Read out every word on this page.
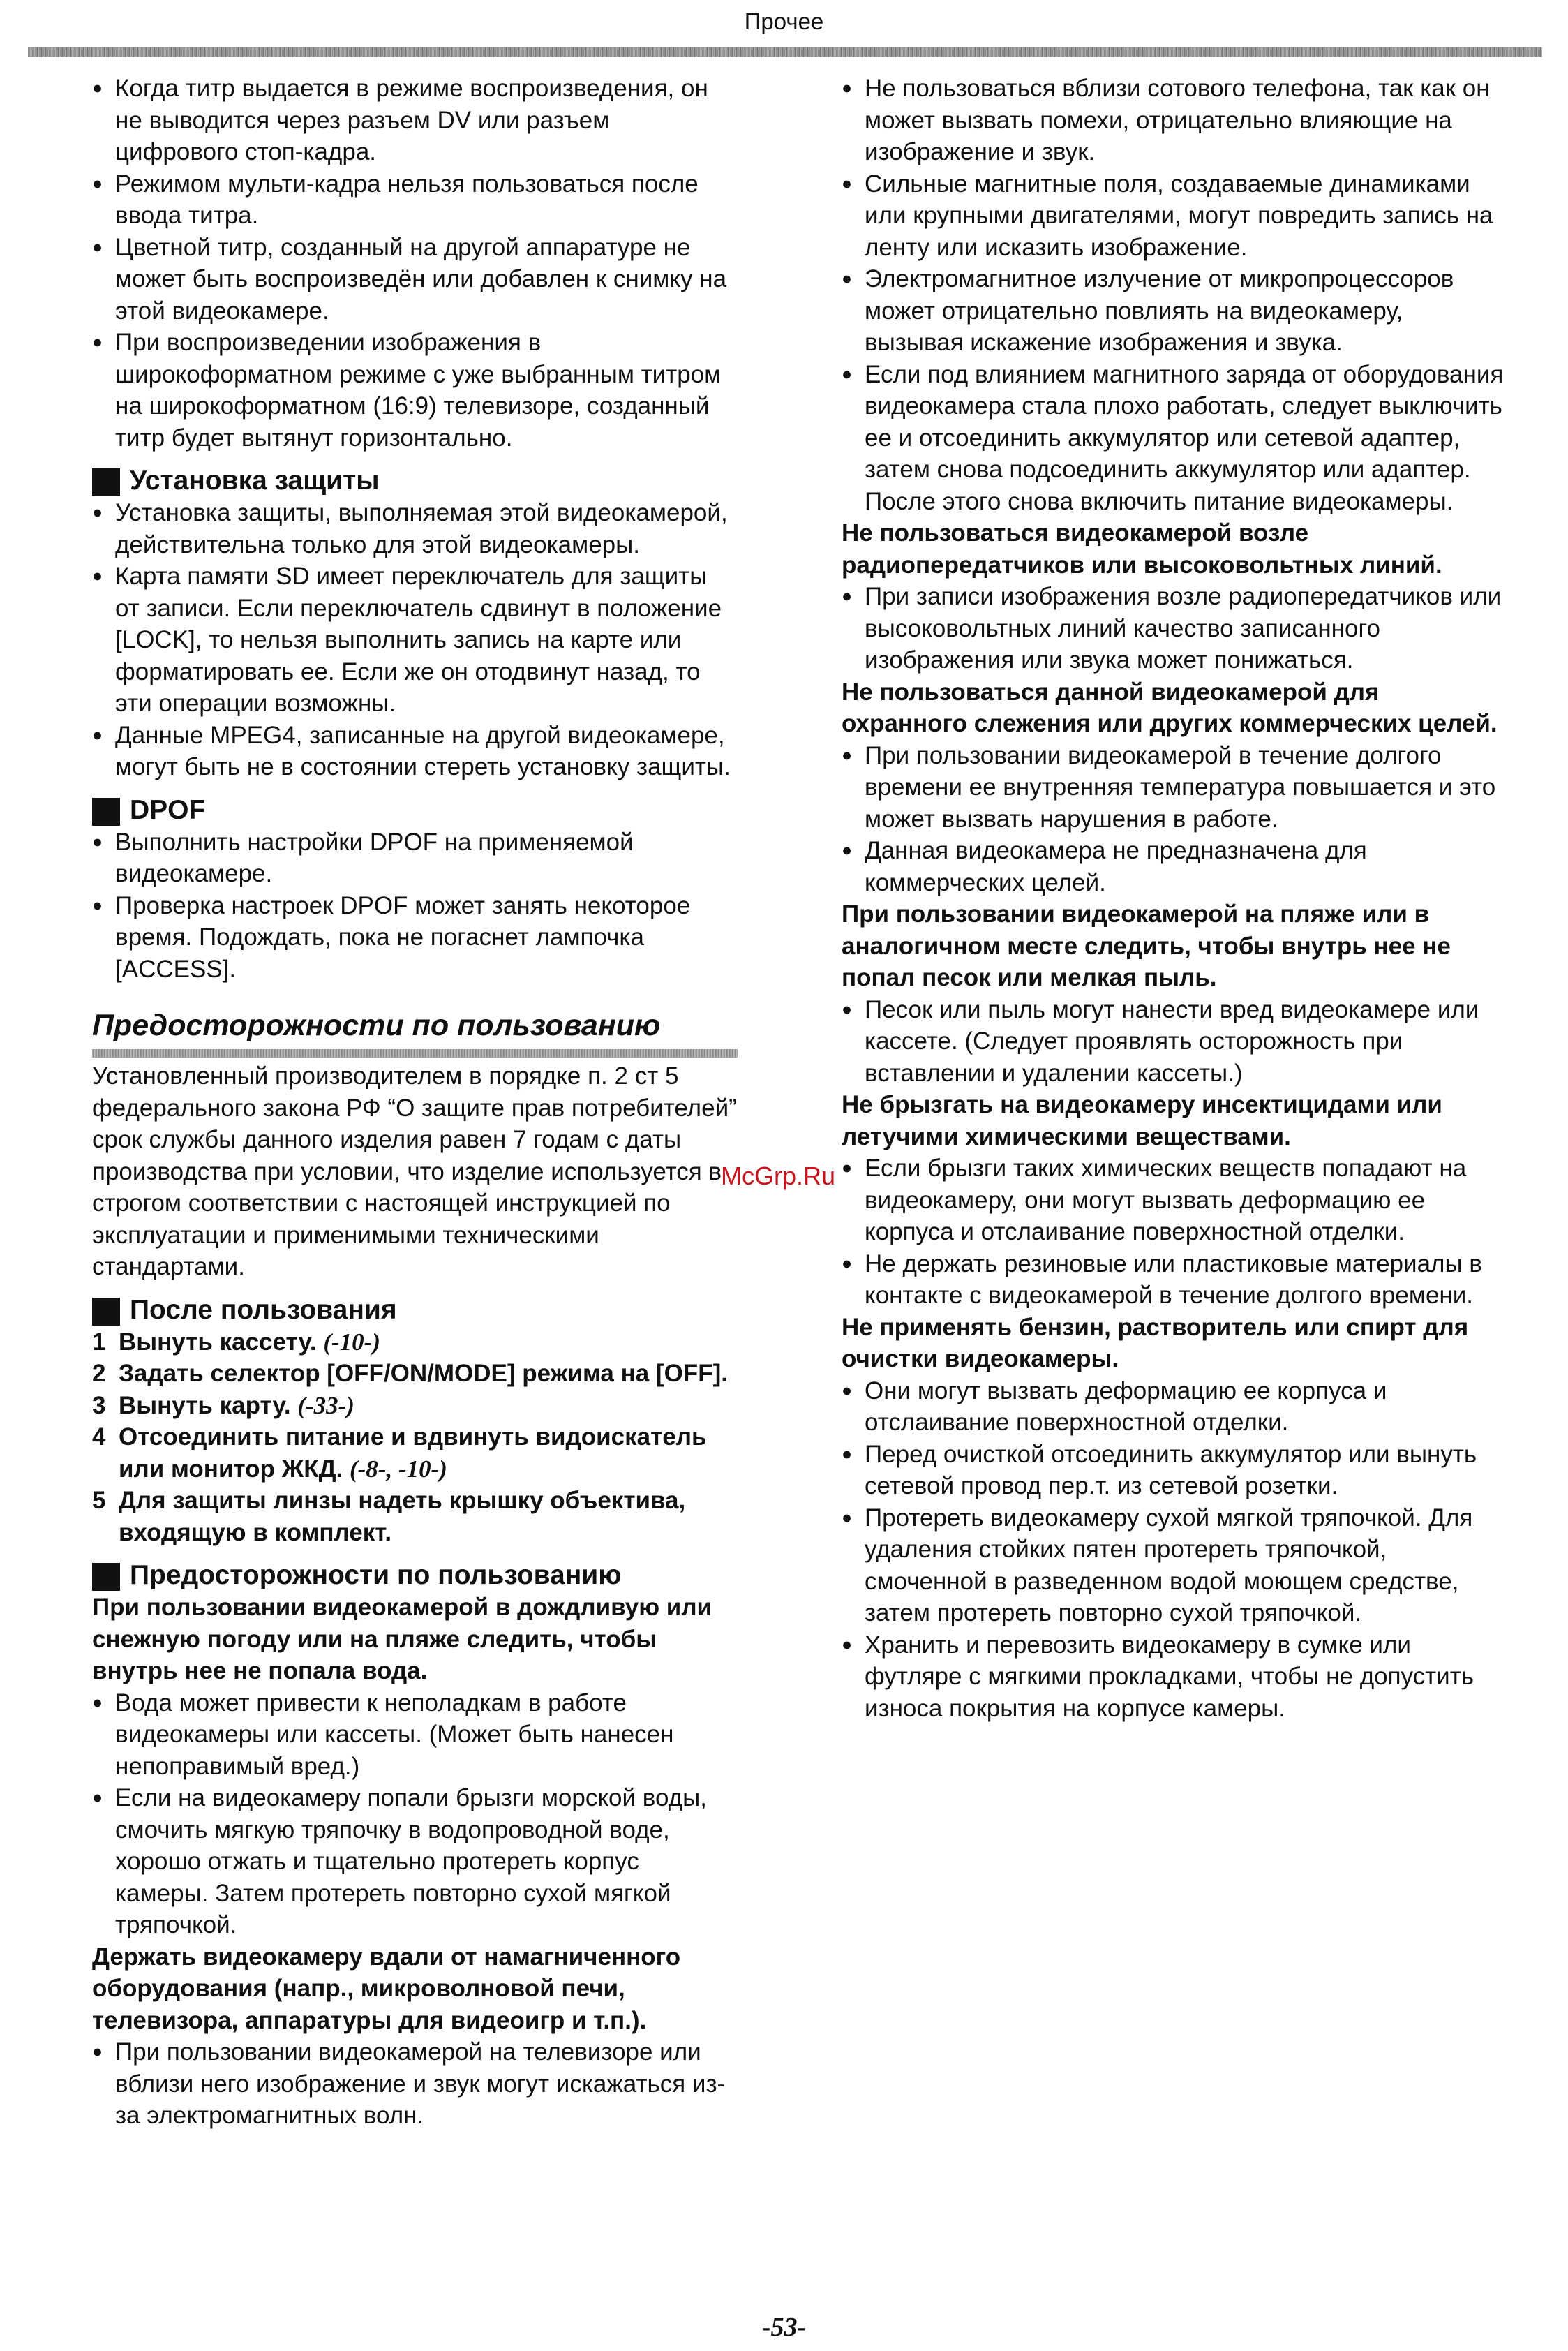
Прочее
● Когда титр выдается в режиме воспроизведения, он не выводится через разъем DV или разъем цифрового стоп-кадра.
● Режимом мульти-кадра нельзя пользоваться после ввода титра.
● Цветной титр, созданный на другой аппаратуре не может быть воспроизведён или добавлен к снимку на этой видеокамере.
● При воспроизведении изображения в широкоформатном режиме с уже выбранным титром на широкоформатном (16:9) телевизоре, созданный титр будет вытянут горизонтально.
Установка защиты
● Установка защиты, выполняемая этой видеокамерой, действительна только для этой видеокамеры.
● Карта памяти SD имеет переключатель для защиты от записи. Если переключатель сдвинут в положение [LOCK], то нельзя выполнить запись на карте или форматировать ее. Если же он отодвинут назад, то эти операции возможны.
● Данные MPEG4, записанные на другой видеокамере, могут быть не в состоянии стереть установку защиты.
DPOF
● Выполнить настройки DPOF на применяемой видеокамере.
● Проверка настроек DPOF может занять некоторое время. Подождать, пока не погаснет лампочка [ACCESS].
Предосторожности по пользованию
Установленный производителем в порядке п. 2 ст 5 федерального закона РФ “О защите прав потребителей” срок службы данного изделия равен 7 годам с даты производства при условии, что изделие используется в строгом соответствии с настоящей инструкцией по эксплуатации и применимыми техническими стандартами.
После пользования
1 Вынуть кассету. (-10-)
2 Задать селектор [OFF/ON/MODE] режима на [OFF].
3 Вынуть карту. (-33-)
4 Отсоединить питание и вдвинуть видоискатель или монитор ЖКД. (-8-, -10-)
5 Для защиты линзы надеть крышку объектива, входящую в комплект.
Предосторожности по пользованию
При пользовании видеокамерой в дождливую или снежную погоду или на пляже следить, чтобы внутрь нее не попала вода.
● Вода может привести к неполадкам в работе видеокамеры или кассеты. (Может быть нанесен непоправимый вред.)
● Если на видеокамеру попали брызги морской воды, смочить мягкую тряпочку в водопроводной воде, хорошо отжать и тщательно протереть корпус камеры. Затем протереть повторно сухой мягкой тряпочкой.
Держать видеокамеру вдали от намагниченного оборудования (напр., микроволновой печи, телевизора, аппаратуры для видеоигр и т.п.).
● При пользовании видеокамерой на телевизоре или вблизи него изображение и звук могут искажаться из-за электромагнитных волн.
● Не пользоваться вблизи сотового телефона, так как он может вызвать помехи, отрицательно влияющие на изображение и звук.
● Сильные магнитные поля, создаваемые динамиками или крупными двигателями, могут повредить запись на ленту или исказить изображение.
● Электромагнитное излучение от микропроцессоров может отрицательно повлиять на видеокамеру, вызывая искажение изображения и звука.
● Если под влиянием магнитного заряда от оборудования видеокамера стала плохо работать, следует выключить ее и отсоединить аккумулятор или сетевой адаптер, затем снова подсоединить аккумулятор или адаптер. После этого снова включить питание видеокамеры.
Не пользоваться видеокамерой возле радиопередатчиков или высоковольтных линий.
● При записи изображения возле радиопередатчиков или высоковольтных линий качество записанного изображения или звука может понижаться.
Не пользоваться данной видеокамерой для охранного слежения или других коммерческих целей.
● При пользовании видеокамерой в течение долгого времени ее внутренняя температура повышается и это может вызвать нарушения в работе.
● Данная видеокамера не предназначена для коммерческих целей.
При пользовании видеокамерой на пляже или в аналогичном месте следить, чтобы внутрь нее не попал песок или мелкая пыль.
● Песок или пыль могут нанести вред видеокамере или кассете. (Следует проявлять осторожность при вставлении и удалении кассеты.)
Не брызгать на видеокамеру инсектицидами или летучими химическими веществами.
● Если брызги таких химических веществ попадают на видеокамеру, они могут вызвать деформацию ее корпуса и отслаивание поверхностной отделки.
● Не держать резиновые или пластиковые материалы в контакте с видеокамерой в течение долгого времени.
Не применять бензин, растворитель или спирт для очистки видеокамеры.
● Они могут вызвать деформацию ее корпуса и отслаивание поверхностной отделки.
● Перед очисткой отсоединить аккумулятор или вынуть сетевой провод пер.т. из сетевой розетки.
● Протереть видеокамеру сухой мягкой тряпочкой. Для удаления стойких пятен протереть тряпочкой, смоченной в разведенном водой моющем средстве, затем протереть повторно сухой тряпочкой.
● Хранить и перевозить видеокамеру в сумке или футляре с мягкими прокладками, чтобы не допустить износа покрытия на корпусе камеры.
McGrp.Ru
-53-
